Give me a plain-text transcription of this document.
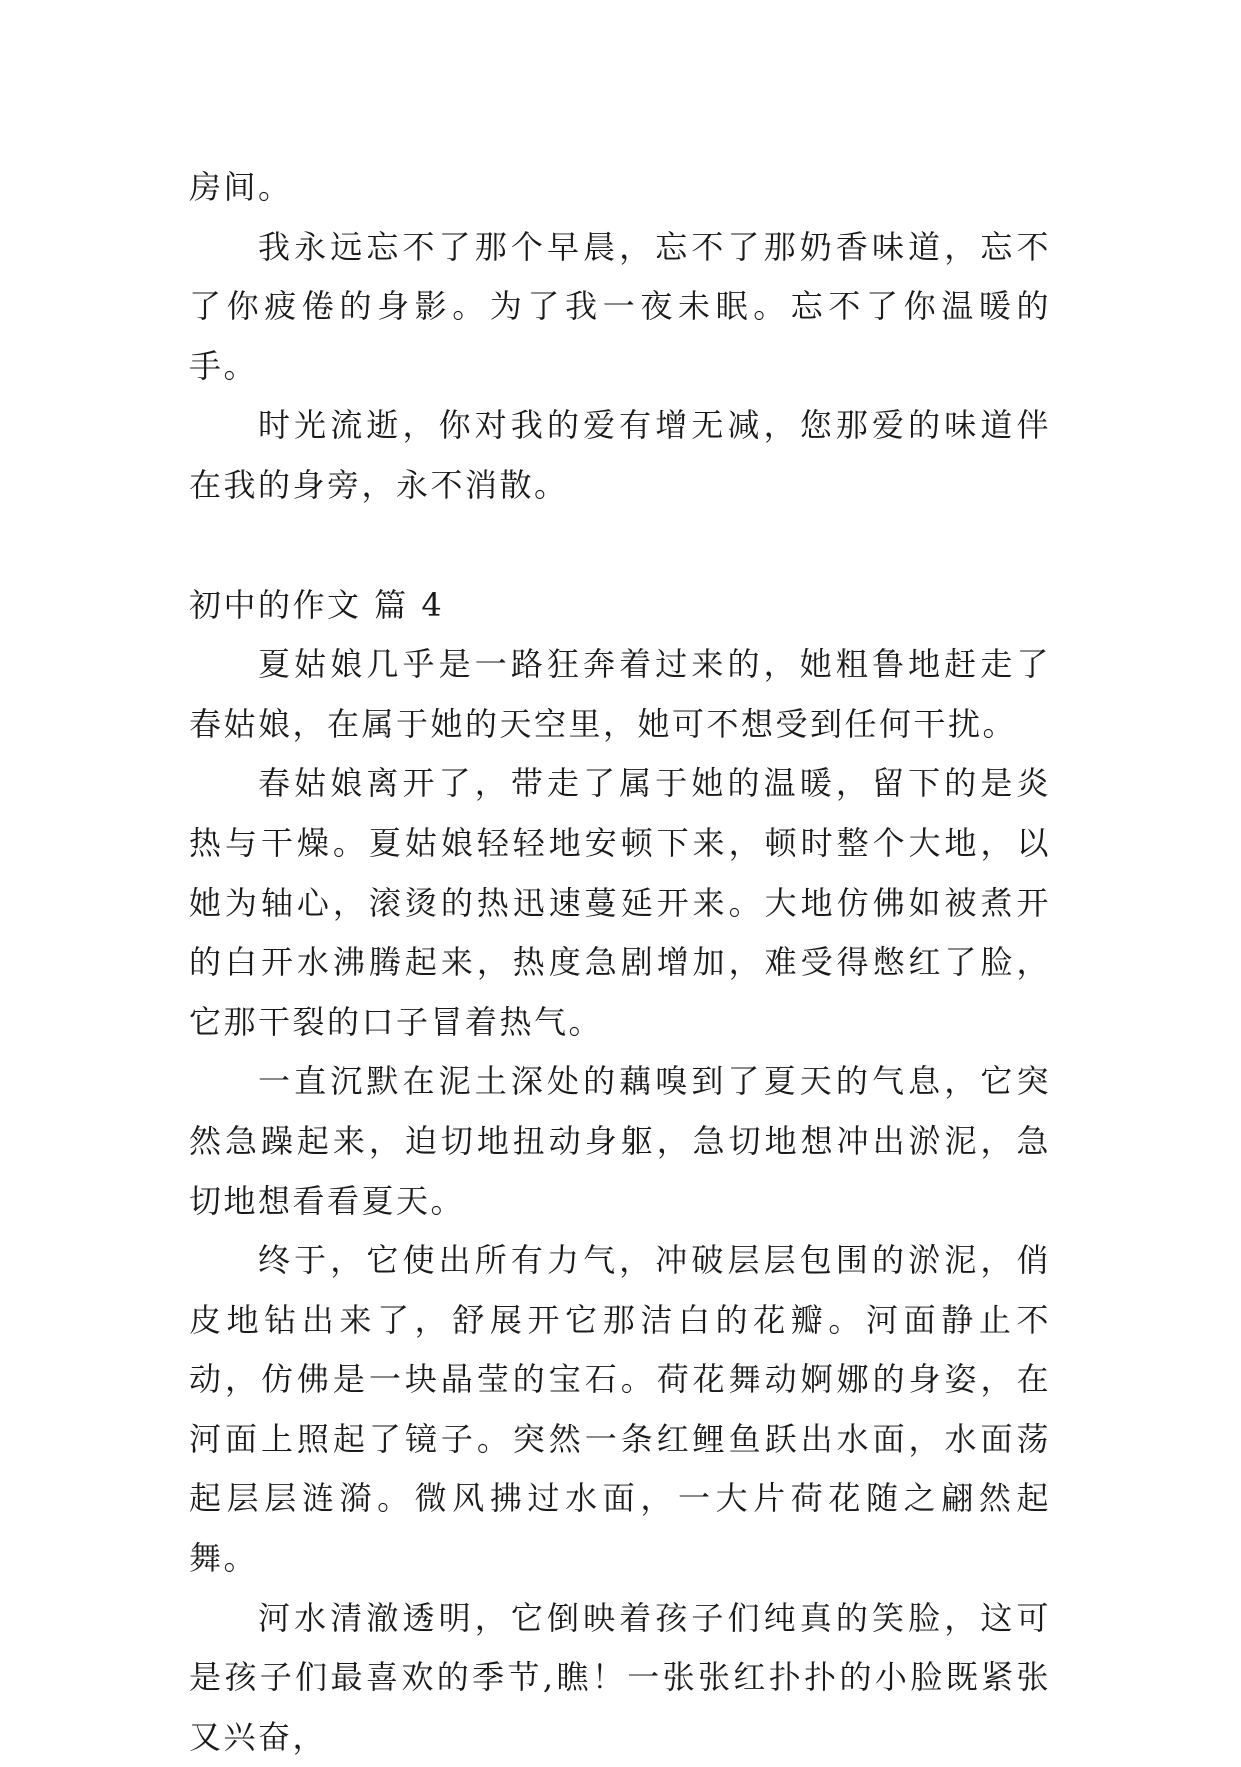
房间。

我永远忘不了那个早晨，忘不了那奶香味道，忘不了你疲倦的身影。为了我一夜未眠。忘不了你温暖的手。

时光流逝，你对我的爱有增无减，您那爱的味道伴在我的身旁，永不消散。

初中的作文 篇 4

夏姑娘几乎是一路狂奔着过来的，她粗鲁地赶走了春姑娘，在属于她的天空里，她可不想受到任何干扰。

春姑娘离开了，带走了属于她的温暖，留下的是炎热与干燥。夏姑娘轻轻地安顿下来，顿时整个大地，以她为轴心，滚烫的热迅速蔓延开来。大地仿佛如被煮开的白开水沸腾起来，热度急剧增加，难受得憋红了脸，它那干裂的口子冒着热气。

一直沉默在泥土深处的藕嗅到了夏天的气息，它突然急躁起来，迫切地扭动身躯，急切地想冲出淤泥，急切地想看看夏天。

终于，它使出所有力气，冲破层层包围的淤泥，俏皮地钻出来了，舒展开它那洁白的花瓣。河面静止不动，仿佛是一块晶莹的宝石。荷花舞动婀娜的身姿，在河面上照起了镜子。突然一条红鲤鱼跃出水面，水面荡起层层涟漪。微风拂过水面，一大片荷花随之翩然起舞。

河水清澈透明，它倒映着孩子们纯真的笑脸，这可是孩子们最喜欢的季节,瞧！一张张红扑扑的小脸既紧张又兴奋，
